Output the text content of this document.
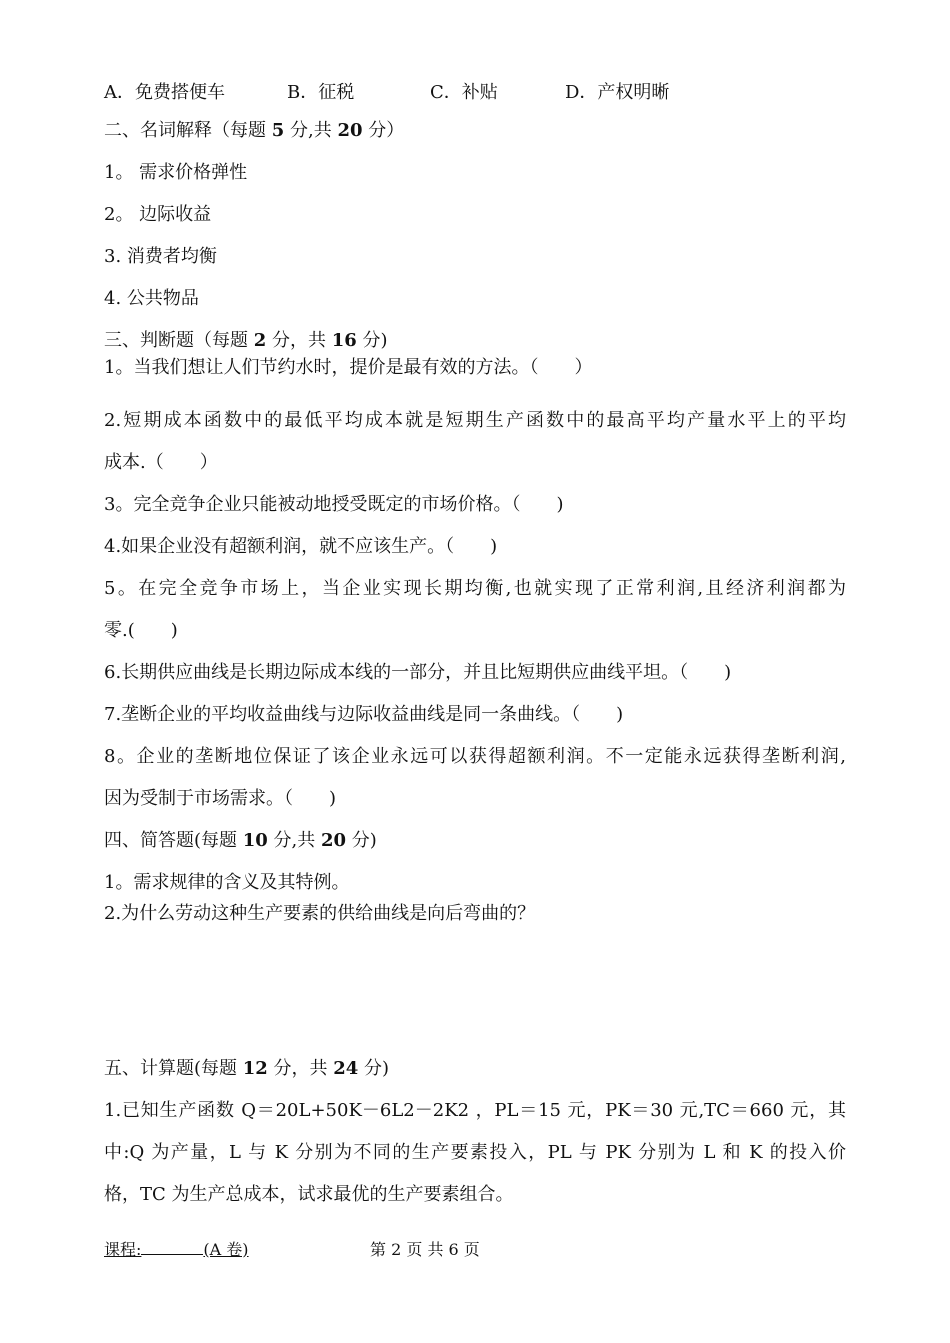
A．免费搭便车	B．征税	C．补贴	D．产权明晰
二、名词解释（每题 5 分,共 20 分）
1。 需求价格弹性
2。 边际收益
3. 消费者均衡
4. 公共物品
三、判断题（每题 2 分，共 16 分)
1。当我们想让人们节约水时，提价是最有效的方法。（　　）
2.短期成本函数中的最低平均成本就是短期生产函数中的最高平均产量水平上的平均
成本.（　　）
3。完全竞争企业只能被动地授受既定的市场价格。（　　)
4.如果企业没有超额利润，就不应该生产。（　　)
5。在完全竞争市场上，当企业实现长期均衡,也就实现了正常利润,且经济利润都为
零.(　　)
6.长期供应曲线是长期边际成本线的一部分，并且比短期供应曲线平坦。（　　)
7.垄断企业的平均收益曲线与边际收益曲线是同一条曲线。（　　)
8。企业的垄断地位保证了该企业永远可以获得超额利润。不一定能永远获得垄断利润,
因为受制于市场需求。（　　)
四、简答题(每题 10 分,共 20 分)
1。需求规律的含义及其特例。
2.为什么劳动这种生产要素的供给曲线是向后弯曲的？
五、计算题(每题 12 分，共 24 分)
1.已知生产函数 Q＝20L+50K－6L2－2K2 ，PL＝15 元，PK＝30 元,TC＝660 元，其
中:Q 为产量，L 与 K 分别为不同的生产要素投入，PL 与 PK 分别为 L 和 K 的投入价
格，TC 为生产总成本，试求最优的生产要素组合。
课程:	(A 卷)	第 2 页 共 6 页
